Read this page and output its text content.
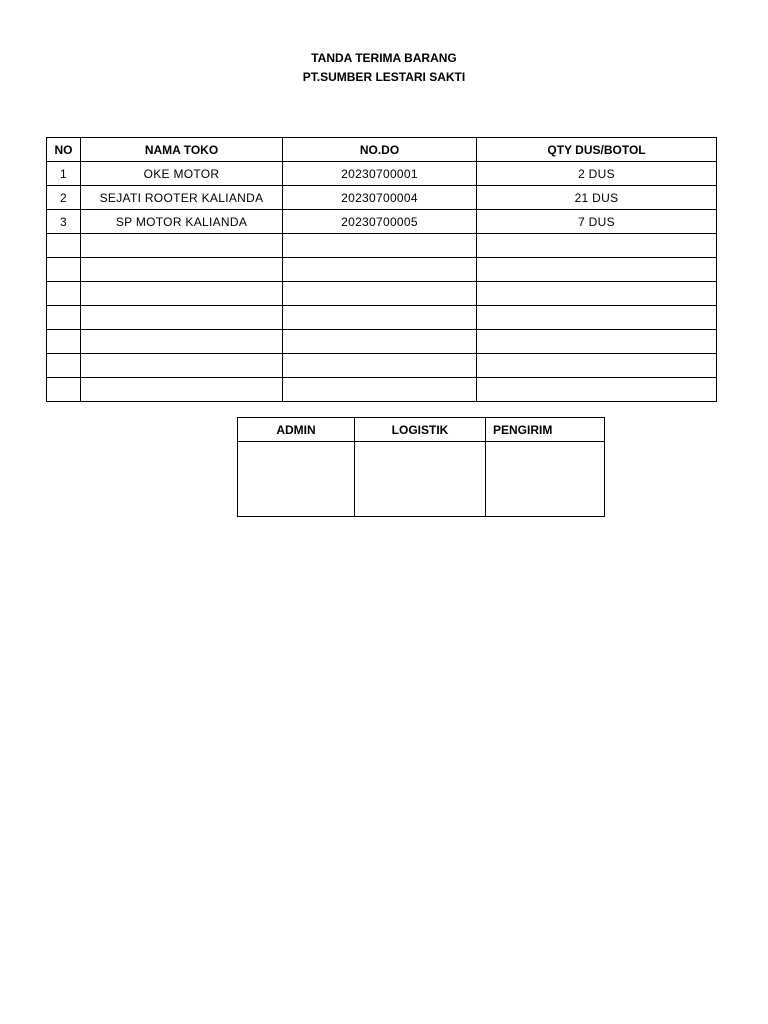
TANDA TERIMA BARANG
PT.SUMBER LESTARI SAKTI
NO	NAMA TOKO	NO.DO	QTY DUS/BOTOL
1	OKE MOTOR	20230700001	2 DUS
2	SEJATI ROOTER KALIANDA	20230700004	21 DUS
3	SP MOTOR KALIANDA	20230700005	7 DUS

ADMIN	LOGISTIK	PENGIRIM
